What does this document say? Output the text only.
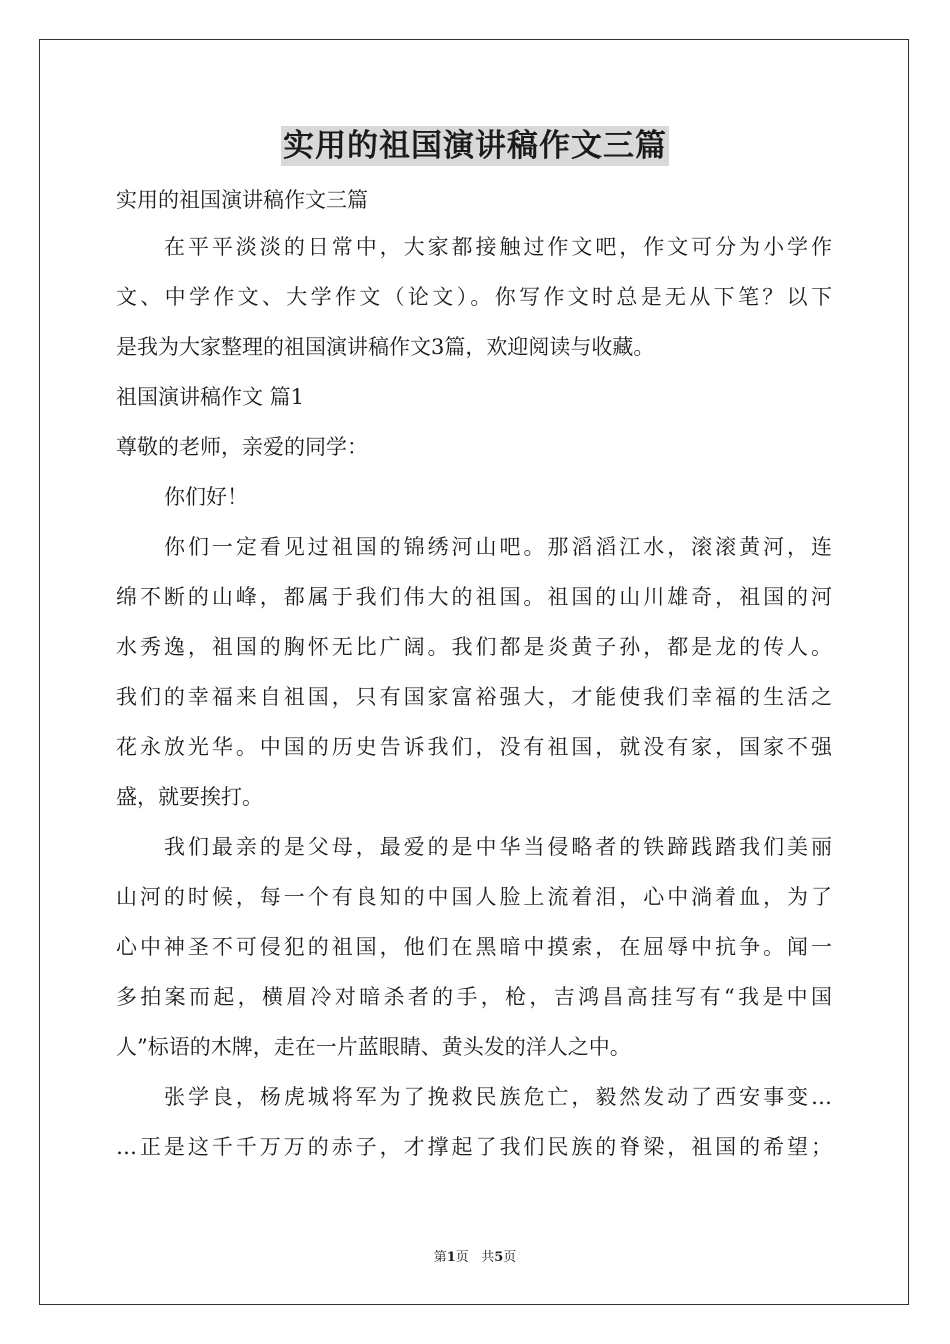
实用的祖国演讲稿作文三篇
实用的祖国演讲稿作文三篇
在平平淡淡的日常中，大家都接触过作文吧，作文可分为小学作
文、中学作文、大学作文（论文）。你写作文时总是无从下笔？以下
是我为大家整理的祖国演讲稿作文3篇，欢迎阅读与收藏。
祖国演讲稿作文 篇1
尊敬的老师，亲爱的同学：
你们好！
你们一定看见过祖国的锦绣河山吧。那滔滔江水，滚滚黄河，连
绵不断的山峰，都属于我们伟大的祖国。祖国的山川雄奇，祖国的河
水秀逸，祖国的胸怀无比广阔。我们都是炎黄子孙，都是龙的传人。
我们的幸福来自祖国，只有国家富裕强大，才能使我们幸福的生活之
花永放光华。中国的历史告诉我们，没有祖国，就没有家，国家不强
盛，就要挨打。
我们最亲的是父母，最爱的是中华当侵略者的铁蹄践踏我们美丽
山河的时候，每一个有良知的中国人脸上流着泪，心中淌着血，为了
心中神圣不可侵犯的祖国，他们在黑暗中摸索，在屈辱中抗争。闻一
多拍案而起，横眉冷对暗杀者的手，枪，吉鸿昌高挂写有“我是中国
人”标语的木牌，走在一片蓝眼睛、黄头发的洋人之中。
张学良，杨虎城将军为了挽救民族危亡，毅然发动了西安事变…
…正是这千千万万的赤子，才撑起了我们民族的脊梁，祖国的希望；
第1页 共5页
